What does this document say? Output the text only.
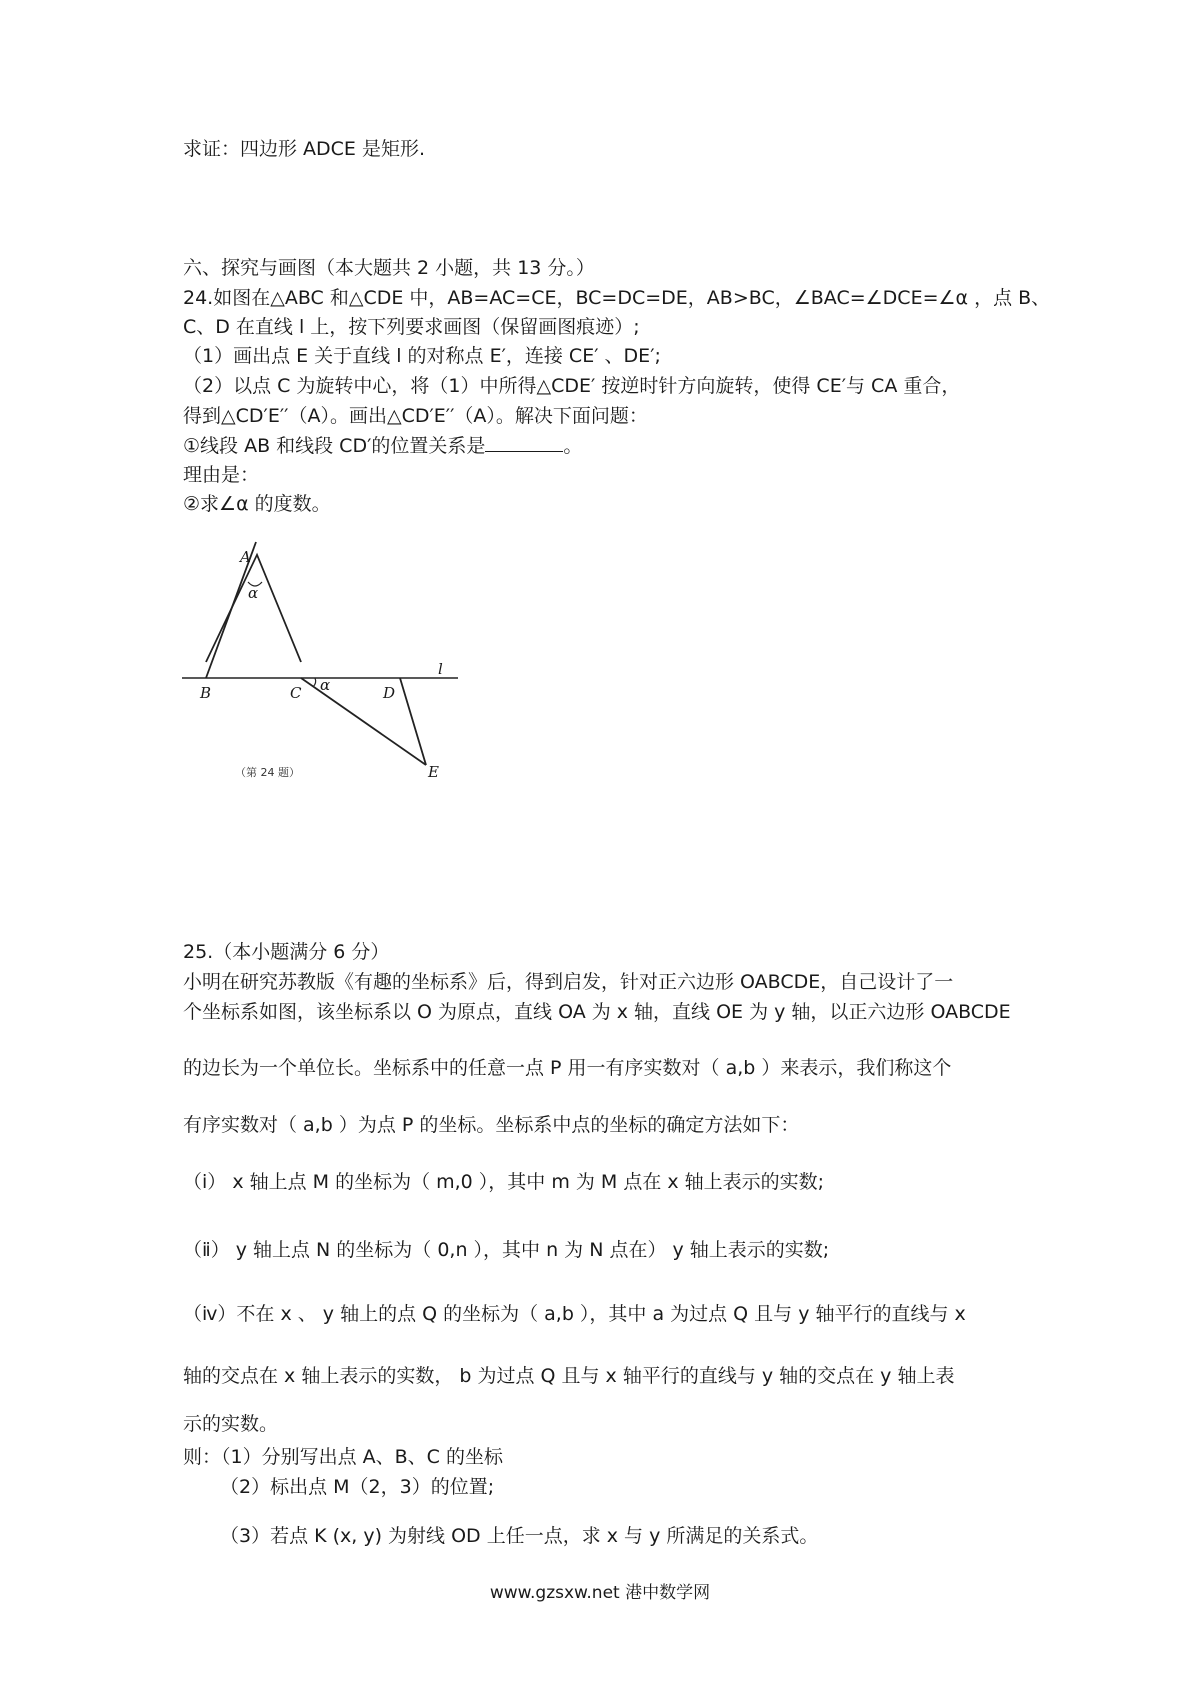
求证：四边形 ADCE 是矩形.
六、探究与画图（本大题共 2 小题，共 13 分。）
24.如图在△ABC 和△CDE 中，AB=AC=CE，BC=DC=DE，AB>BC，∠BAC=∠DCE=∠α ，点 B、
C、D 在直线 l 上，按下列要求画图（保留画图痕迹）;
（1）画出点 E 关于直线 l 的对称点 E′，连接 CE′ 、DE′;
（2）以点 C 为旋转中心，将（1）中所得△CDE′ 按逆时针方向旋转，使得 CE′与 CA 重合，
得到△CD′E′′（A）。画出△CD′E′′（A）。解决下面问题：
①线段 AB 和线段 CD′的位置关系是	。
理由是：
②求∠α 的度数。
A
α
B	C α	D
l
E
（第 24 题）
25.（本小题满分 6 分）
小明在研究苏教版《有趣的坐标系》后，得到启发，针对正六边形 OABCDE，自己设计了一
个坐标系如图，该坐标系以 O 为原点，直线 OA 为 x 轴，直线 OE 为 y 轴，以正六边形 OABCDE
的边长为一个单位长。坐标系中的任意一点 P 用一有序实数对（ a,b ）来表示，我们称这个
有序实数对（ a,b ）为点 P 的坐标。坐标系中点的坐标的确定方法如下：
（ⅰ） x 轴上点 M 的坐标为（ m,0 ），其中 m 为 M 点在 x 轴上表示的实数;
（ⅱ） y 轴上点 N 的坐标为（ 0,n ），其中 n 为 N 点在） y 轴上表示的实数;
（ⅳ）不在 x 、 y 轴上的点 Q 的坐标为（ a,b ），其中 a 为过点 Q 且与 y 轴平行的直线与 x
轴的交点在 x 轴上表示的实数， b 为过点 Q 且与 x 轴平行的直线与 y 轴的交点在 y 轴上表
示的实数。
则：（1）分别写出点 A、B、C 的坐标
（2）标出点 M（2，3）的位置;
（3）若点 K (x, y) 为射线 OD 上任一点，求 x 与 y 所满足的关系式。
www.gzsxw.net 港中数学网
